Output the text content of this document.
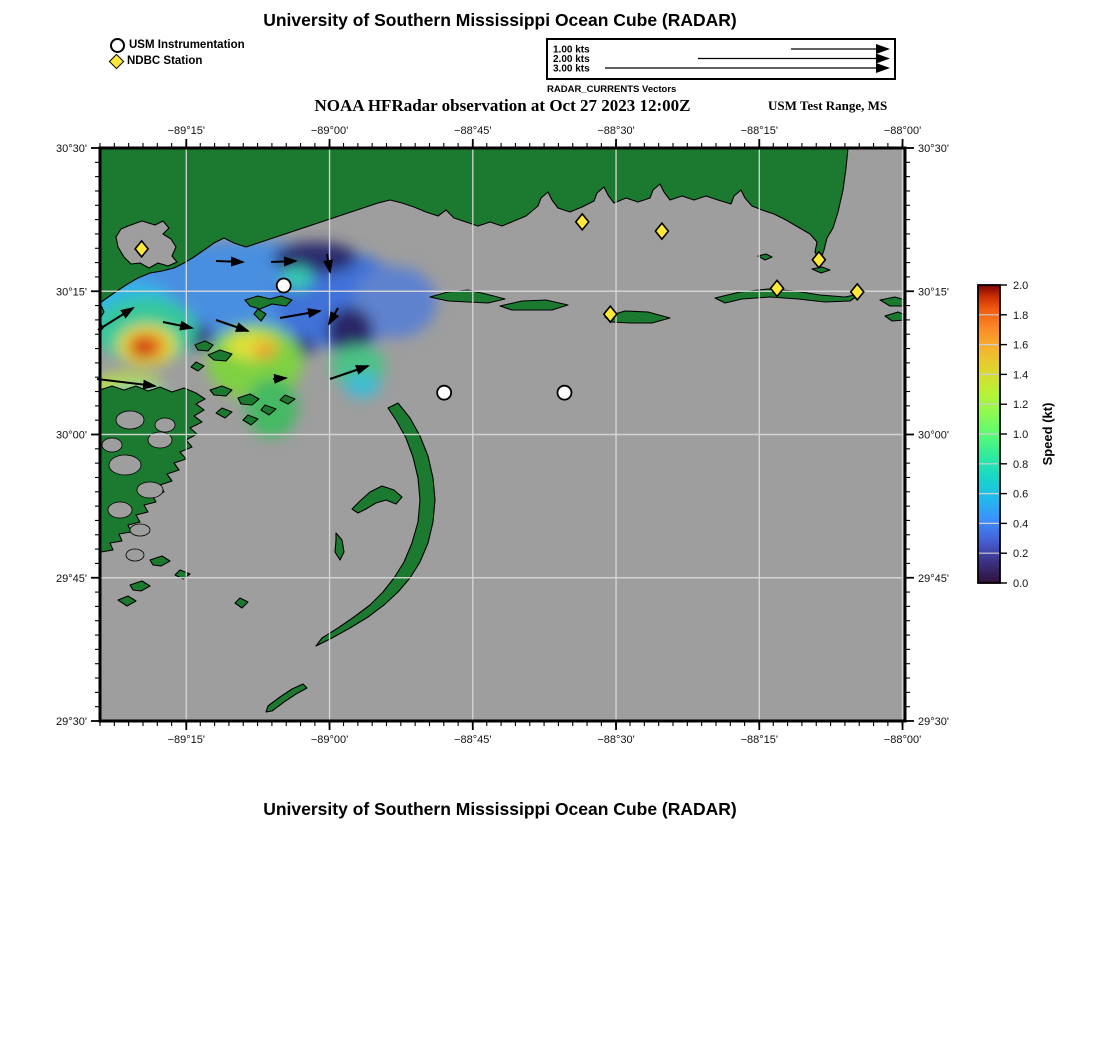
University of Southern Mississippi Ocean Cube (RADAR)
USM Instrumentation
NDBC Station
1.00 kts
2.00 kts
3.00 kts
RADAR_CURRENTS Vectors
NOAA HFRadar observation at Oct 27 2023 12:00Z	USM Test Range, MS
−89°15'
−89°15'
−89°00'
−89°00'
−88°45'
−88°45'
−88°30'
−88°30'
−88°15'
−88°15'
−88°00'
−88°00'
30°30'	30°30'
30°15'	30°15'
30°00'	30°00'
29°45'	29°45'
29°30'	29°30'
0.0
0.2
0.4
0.6
0.8
1.0
1.2
1.4
1.6
1.8
2.0
Speed (kt)
University of Southern Mississippi Ocean Cube (RADAR)
